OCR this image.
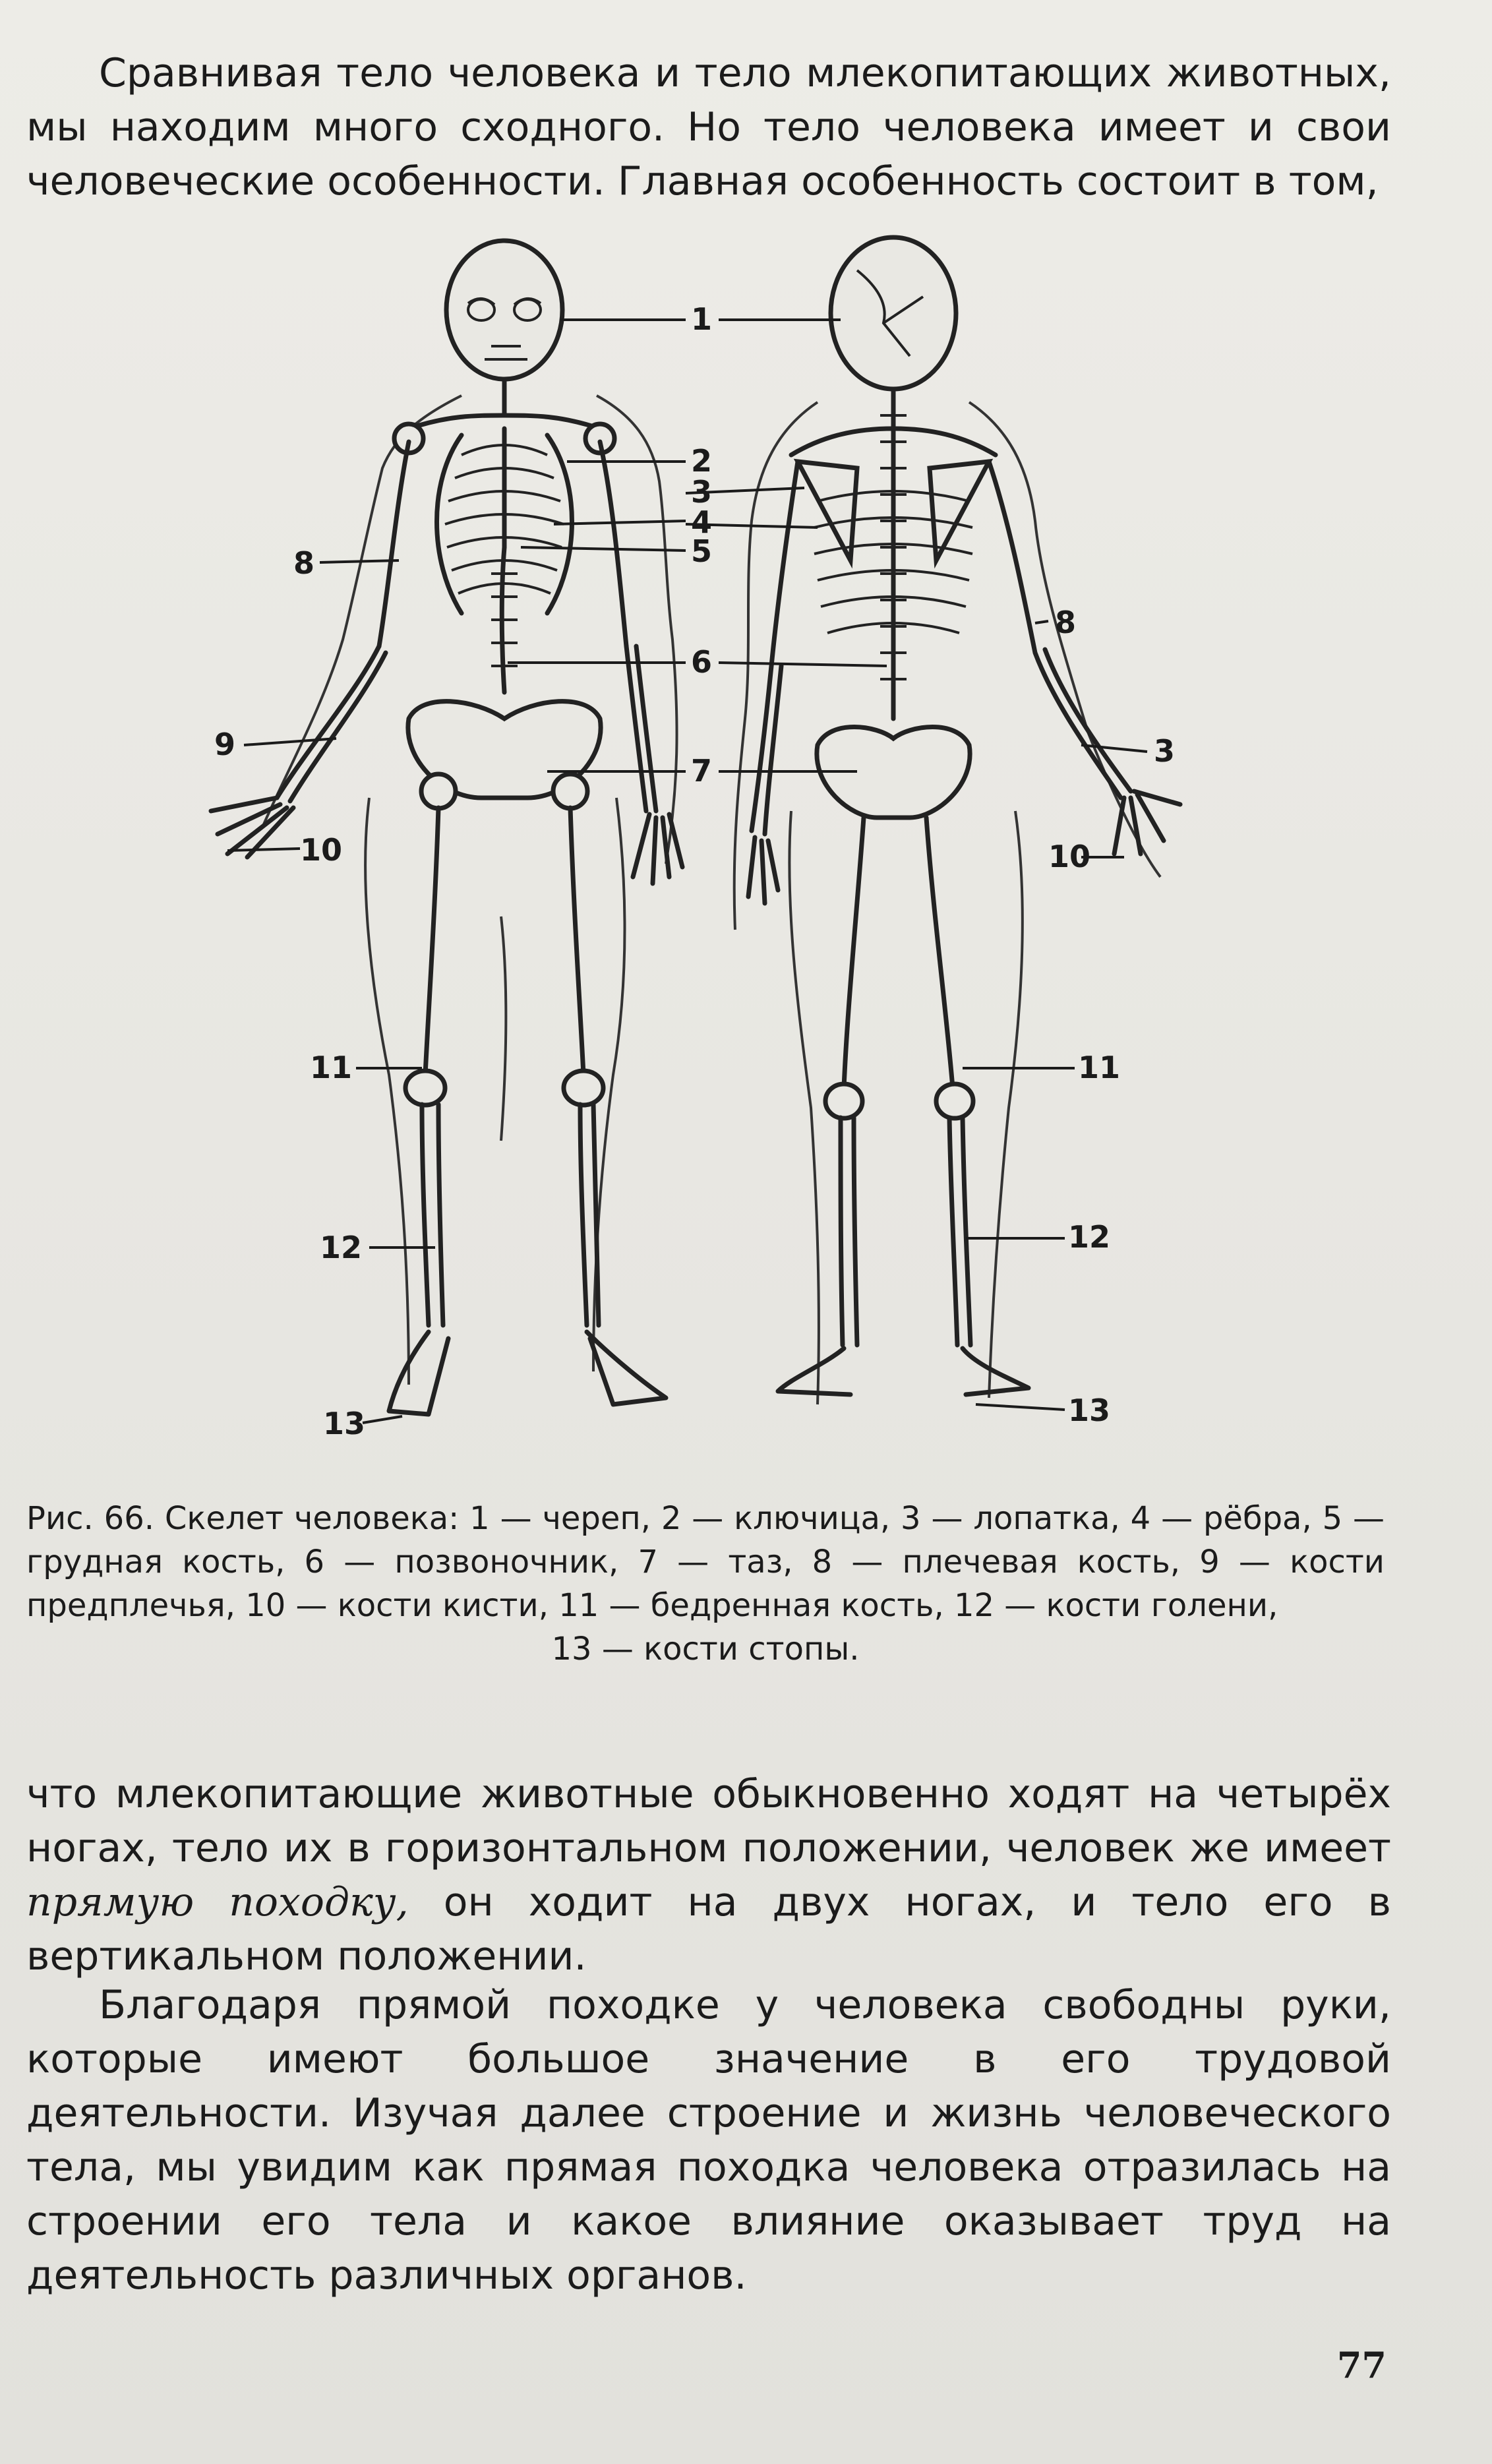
Сравнивая тело человека и тело млекопитающих животных, мы находим много сходного. Но тело человека имеет и свои человеческие особенности. Главная особенность состоит в том,

1
2
3
4
5
6
7
8
9
10
11
12
13
3
8
10
11
12
13

Рис. 66. Скелет человека: 1 — череп, 2 — ключица, 3 — лопатка, 4 — рёбра, 5 — грудная кость, 6 — позвоночник, 7 — таз, 8 — плечевая кость, 9 — кости предплечья, 10 — кости кисти, 11 — бедренная кость, 12 — кости голени,
13 — кости стопы.

что млекопитающие животные обыкновенно ходят на четырёх ногах, тело их в горизонтальном положении, человек же имеет прямую походку, он ходит на двух ногах, и тело его в вертикальном положении.

Благодаря прямой походке у человека свободны руки, которые имеют большое значение в его трудовой деятельности. Изучая далее строение и жизнь человеческого тела, мы увидим как прямая походка человека отразилась на строении его тела и какое влияние оказывает труд на деятельность различных органов.

77
